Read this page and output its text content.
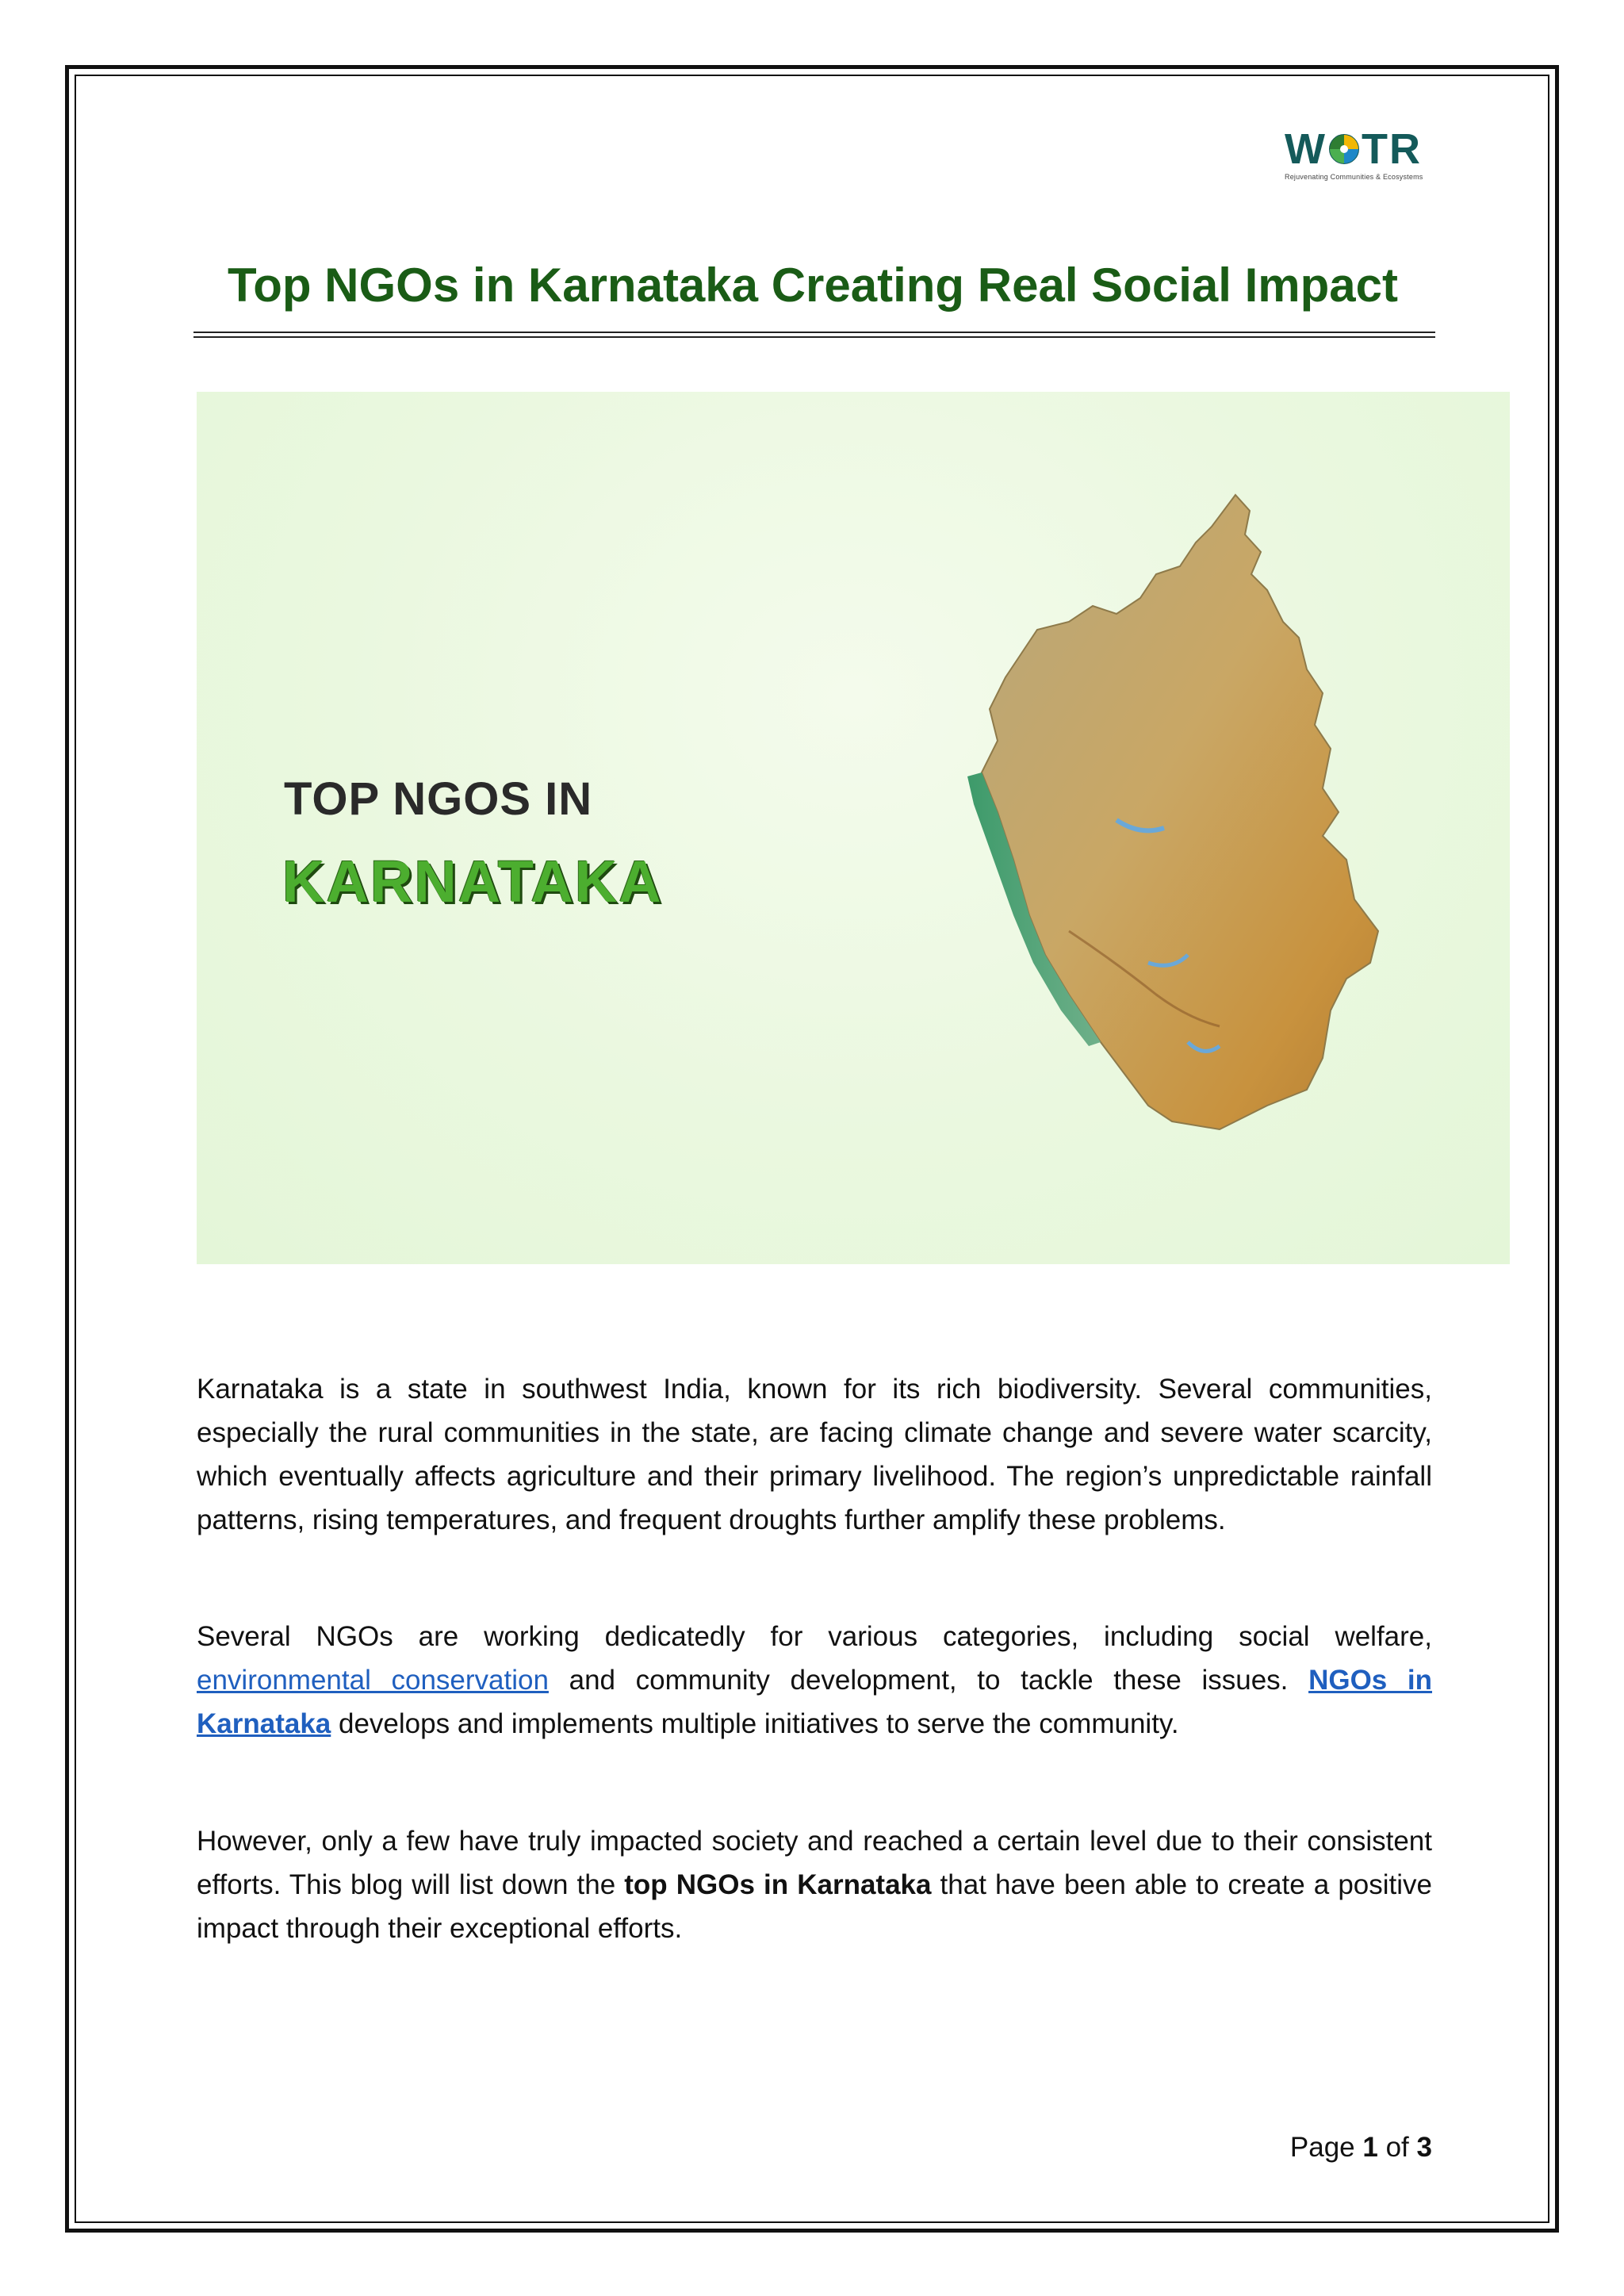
W TR
Rejuvenating Communities & Ecosystems
Top NGOs in Karnataka Creating Real Social Impact

TOP NGOS IN

KARNATAKA

Karnataka is a state in southwest India, known for its rich biodiversity. Several communities, especially the rural communities in the state, are facing climate change and severe water scarcity, which eventually affects agriculture and their primary livelihood. The region’s unpredictable rainfall patterns, rising temperatures, and frequent droughts further amplify these problems.

Several NGOs are working dedicatedly for various categories, including social welfare, environmental conservation and community development, to tackle these issues. NGOs in Karnataka develops and implements multiple initiatives to serve the community.

However, only a few have truly impacted society and reached a certain level due to their consistent efforts. This blog will list down the top NGOs in Karnataka that have been able to create a positive impact through their exceptional efforts.

Page 1 of 3
